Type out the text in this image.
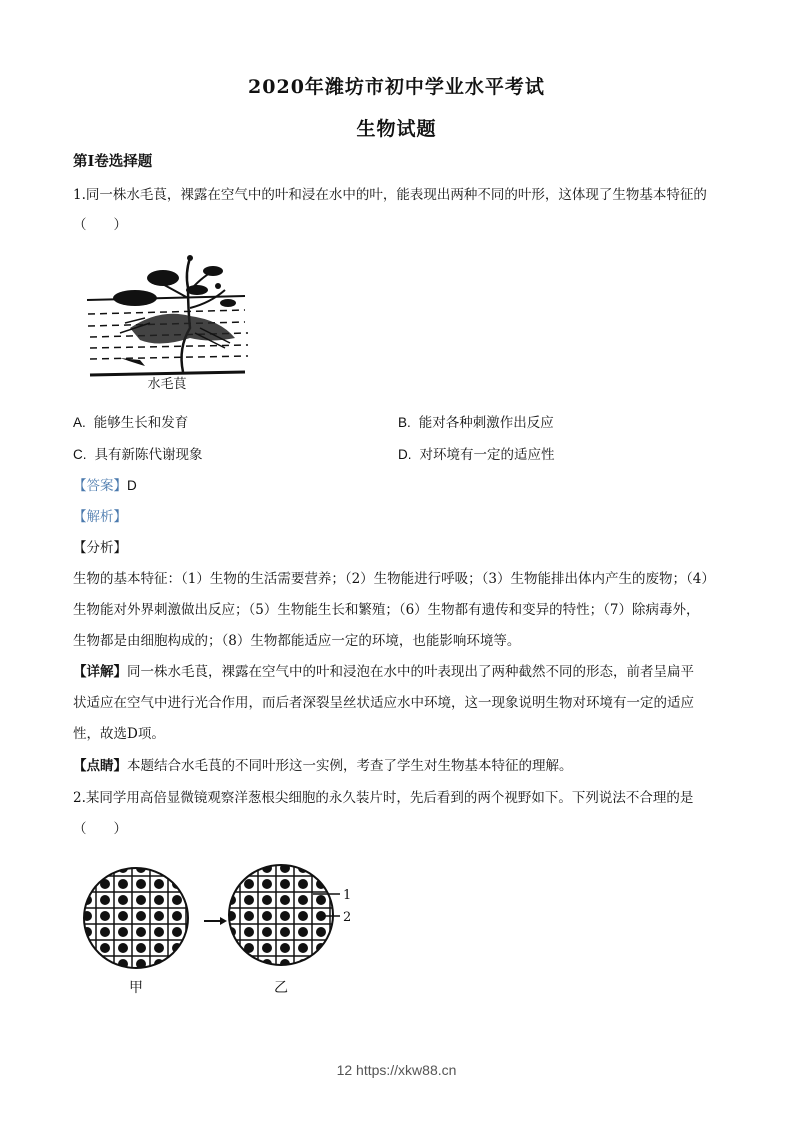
2020年潍坊市初中学业水平考试
生物试题
第Ⅰ卷选择题
1.同一株水毛茛，裸露在空气中的叶和浸在水中的叶，能表现出两种不同的叶形，这体现了生物基本特征的
（　　）
水毛茛
A. 能够生长和发育	B. 能对各种刺激作出反应
C. 具有新陈代谢现象	D. 对环境有一定的适应性
【答案】D
【解析】
【分析】
生物的基本特征：（1）生物的生活需要营养；（2）生物能进行呼吸；（3）生物能排出体内产生的废物；（4）
生物能对外界刺激做出反应；（5）生物能生长和繁殖；（6）生物都有遗传和变异的特性；（7）除病毒外，
生物都是由细胞构成的；（8）生物都能适应一定的环境，也能影响环境等。
【详解】同一株水毛茛，裸露在空气中的叶和浸泡在水中的叶表现出了两种截然不同的形态，前者呈扁平
状适应在空气中进行光合作用，而后者深裂呈丝状适应水中环境，这一现象说明生物对环境有一定的适应
性，故选D项。
【点睛】本题结合水毛茛的不同叶形这一实例，考查了学生对生物基本特征的理解。
2.某同学用高倍显微镜观察洋葱根尖细胞的永久装片时，先后看到的两个视野如下。下列说法不合理的是
（　　）
1
2
甲	乙
12 https://xkw88.cn
